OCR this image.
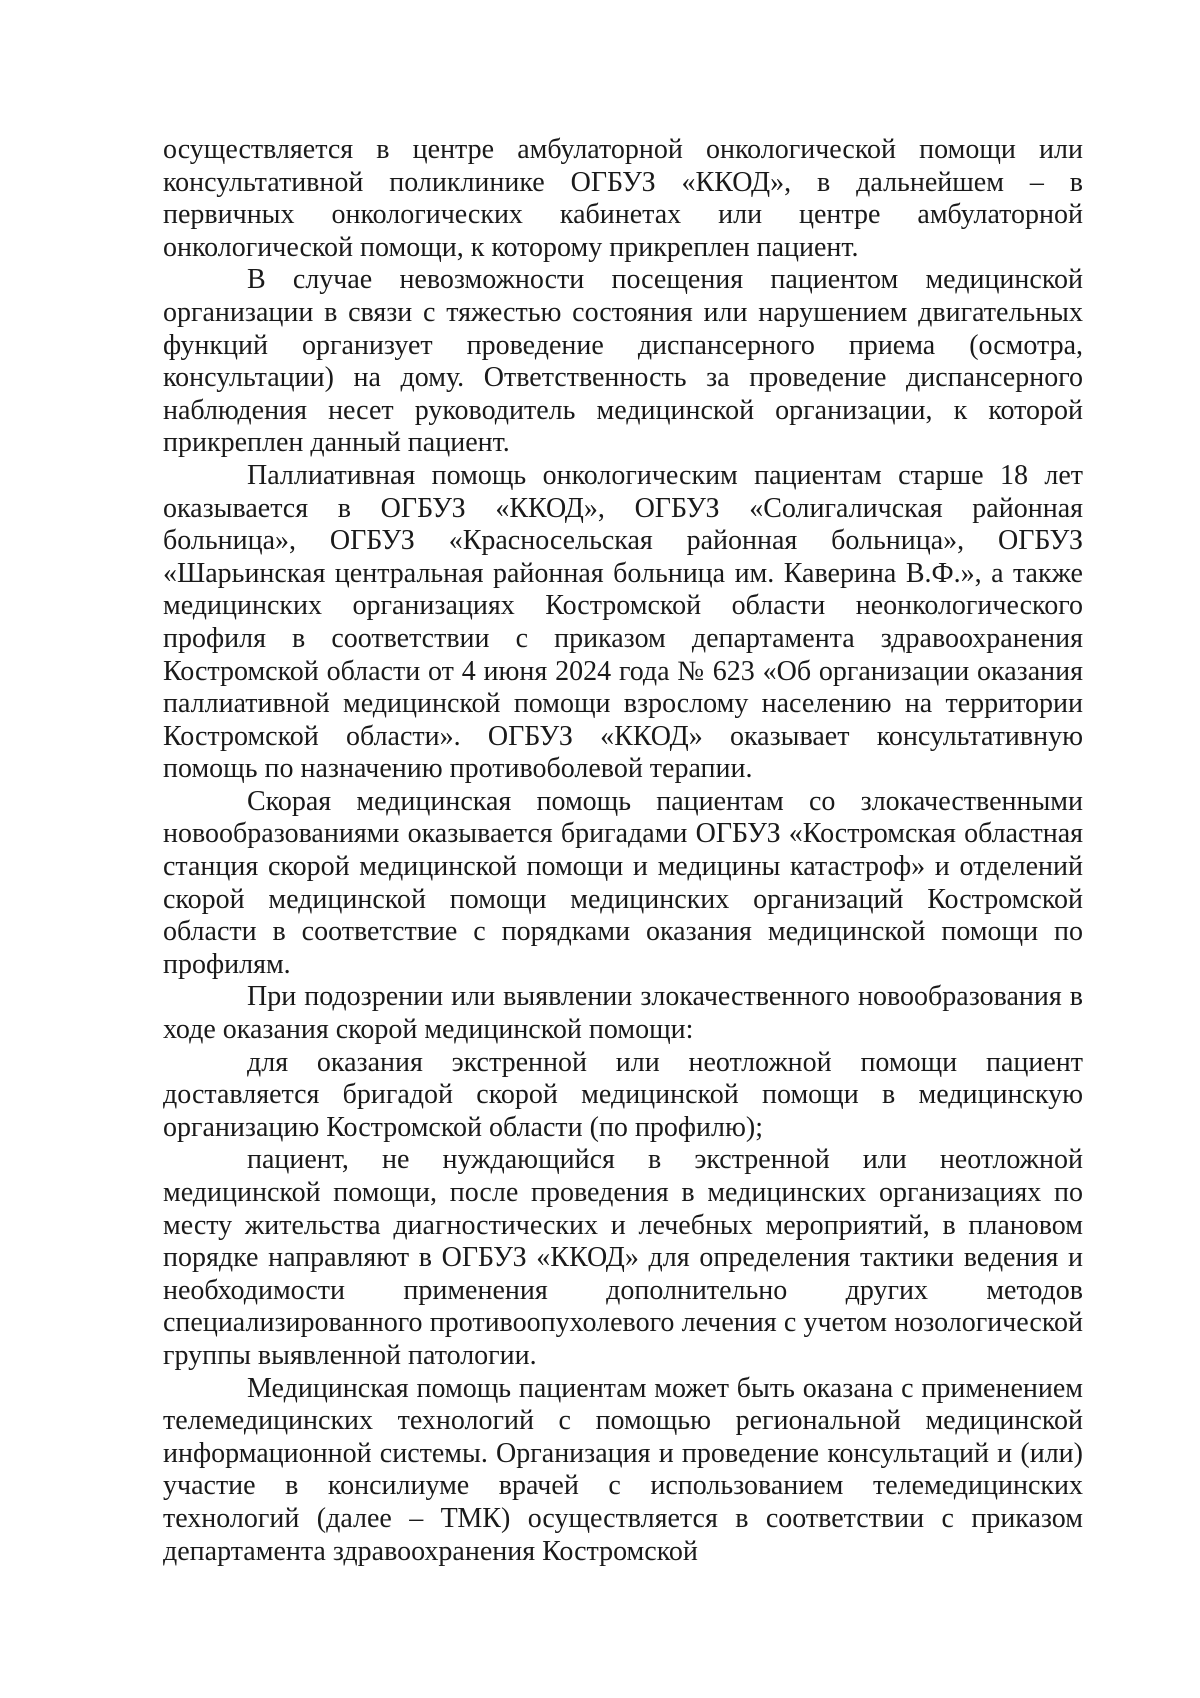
осуществляется в центре амбулаторной онкологической помощи или консультативной поликлинике ОГБУЗ «ККОД», в дальнейшем – в первичных онкологических кабинетах или центре амбулаторной онкологической помощи, к которому прикреплен пациент.

В случае невозможности посещения пациентом медицинской организации в связи с тяжестью состояния или нарушением двигательных функций организует проведение диспансерного приема (осмотра, консультации) на дому. Ответственность за проведение диспансерного наблюдения несет руководитель медицинской организации, к которой прикреплен данный пациент.

Паллиативная помощь онкологическим пациентам старше 18 лет оказывается в ОГБУЗ «ККОД», ОГБУЗ «Солигаличская районная больница», ОГБУЗ «Красносельская районная больница», ОГБУЗ «Шарьинская центральная районная больница им. Каверина В.Ф.», а также медицинских организациях Костромской области неонкологического профиля в соответствии с приказом департамента здравоохранения Костромской области от 4 июня 2024 года № 623 «Об организации оказания паллиативной медицинской помощи взрослому населению на территории Костромской области». ОГБУЗ «ККОД» оказывает консультативную помощь по назначению противоболевой терапии.

Скорая медицинская помощь пациентам со злокачественными новообразованиями оказывается бригадами ОГБУЗ «Костромская областная станция скорой медицинской помощи и медицины катастроф» и отделений скорой медицинской помощи медицинских организаций Костромской области в соответствие с порядками оказания медицинской помощи по профилям.

При подозрении или выявлении злокачественного новообразования в ходе оказания скорой медицинской помощи:

для оказания экстренной или неотложной помощи пациент доставляется бригадой скорой медицинской помощи в медицинскую организацию Костромской области (по профилю);

пациент, не нуждающийся в экстренной или неотложной медицинской помощи, после проведения в медицинских организациях по месту жительства диагностических и лечебных мероприятий, в плановом порядке направляют в ОГБУЗ «ККОД» для определения тактики ведения и необходимости применения дополнительно других методов специализированного противоопухолевого лечения с учетом нозологической группы выявленной патологии.

Медицинская помощь пациентам может быть оказана с применением телемедицинских технологий с помощью региональной медицинской информационной системы. Организация и проведение консультаций и (или) участие в консилиуме врачей с использованием телемедицинских технологий (далее – ТМК) осуществляется в соответствии с приказом департамента здравоохранения Костромской
